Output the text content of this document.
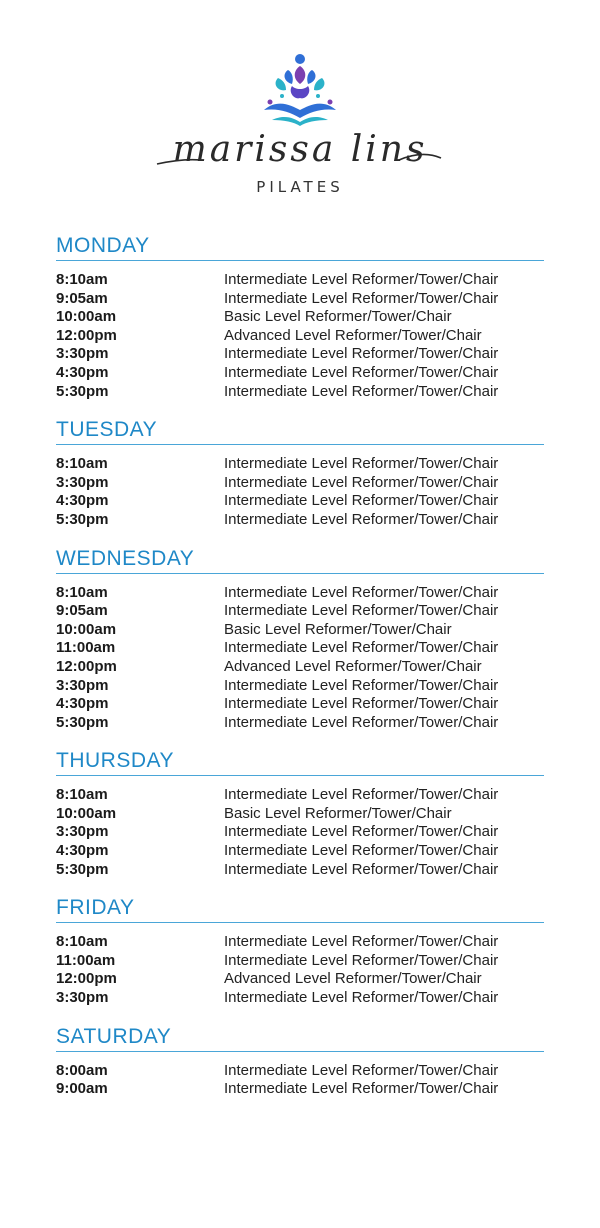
marissa lins
PILATES
MONDAY
8:10am	Intermediate Level Reformer/Tower/Chair
9:05am	Intermediate Level Reformer/Tower/Chair
10:00am	Basic Level Reformer/Tower/Chair
12:00pm	Advanced Level Reformer/Tower/Chair
3:30pm	Intermediate Level Reformer/Tower/Chair
4:30pm	Intermediate Level Reformer/Tower/Chair
5:30pm	Intermediate Level Reformer/Tower/Chair
TUESDAY
8:10am	Intermediate Level Reformer/Tower/Chair
3:30pm	Intermediate Level Reformer/Tower/Chair
4:30pm	Intermediate Level Reformer/Tower/Chair
5:30pm	Intermediate Level Reformer/Tower/Chair
WEDNESDAY
8:10am	Intermediate Level Reformer/Tower/Chair
9:05am	Intermediate Level Reformer/Tower/Chair
10:00am	Basic Level Reformer/Tower/Chair
11:00am	Intermediate Level Reformer/Tower/Chair
12:00pm	Advanced Level Reformer/Tower/Chair
3:30pm	Intermediate Level Reformer/Tower/Chair
4:30pm	Intermediate Level Reformer/Tower/Chair
5:30pm	Intermediate Level Reformer/Tower/Chair
THURSDAY
8:10am	Intermediate Level Reformer/Tower/Chair
10:00am	Basic Level Reformer/Tower/Chair
3:30pm	Intermediate Level Reformer/Tower/Chair
4:30pm	Intermediate Level Reformer/Tower/Chair
5:30pm	Intermediate Level Reformer/Tower/Chair
FRIDAY
8:10am	Intermediate Level Reformer/Tower/Chair
11:00am	Intermediate Level Reformer/Tower/Chair
12:00pm	Advanced Level Reformer/Tower/Chair
3:30pm	Intermediate Level Reformer/Tower/Chair
SATURDAY
8:00am	Intermediate Level Reformer/Tower/Chair
9:00am	Intermediate Level Reformer/Tower/Chair
